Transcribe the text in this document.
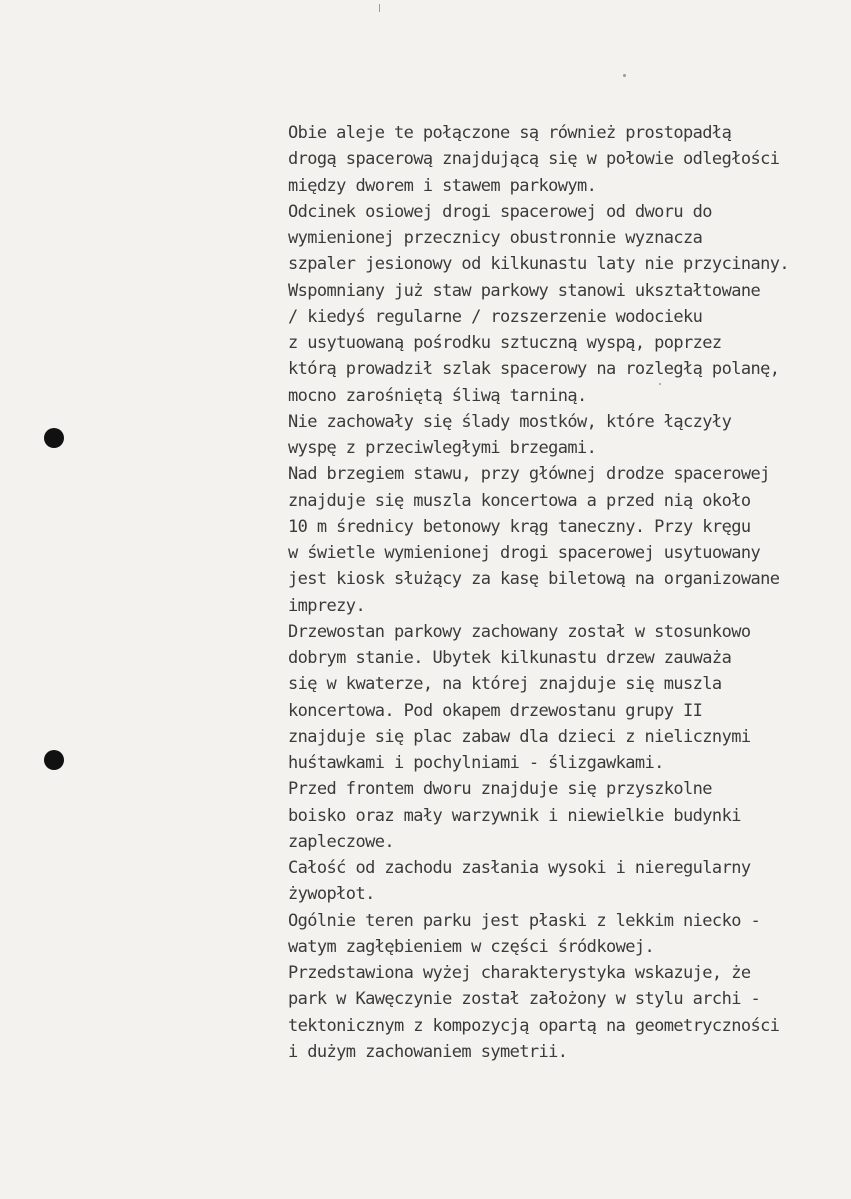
Obie aleje te połączone są również prostopadłą
drogą spacerową znajdującą się w połowie odległości
między dworem i stawem parkowym.
Odcinek osiowej drogi spacerowej od dworu do
wymienionej przecznicy obustronnie wyznacza
szpaler jesionowy od kilkunastu laty nie przycinany.
Wspomniany już staw parkowy stanowi ukształtowane
/ kiedyś regularne / rozszerzenie wodocieku
z usytuowaną pośrodku sztuczną wyspą, poprzez
którą prowadził szlak spacerowy na rozległą polanę,
mocno zarośniętą śliwą tarniną.
Nie zachowały się ślady mostków, które łączyły
wyspę z przeciwległymi brzegami.
Nad brzegiem stawu, przy głównej drodze spacerowej
znajduje się muszla koncertowa a przed nią około
10 m średnicy betonowy krąg taneczny. Przy kręgu
w świetle wymienionej drogi spacerowej usytuowany
jest kiosk służący za kasę biletową na organizowane
imprezy.
Drzewostan parkowy zachowany został w stosunkowo
dobrym stanie. Ubytek kilkunastu drzew zauważa
się w kwaterze, na której znajduje się muszla
koncertowa. Pod okapem drzewostanu grupy II
znajduje się plac zabaw dla dzieci z nielicznymi
huśtawkami i pochylniami - ślizgawkami.
Przed frontem dworu znajduje się przyszkolne
boisko oraz mały warzywnik i niewielkie budynki
zapleczowe.
Całość od zachodu zasłania wysoki i nieregularny
żywopłot.
Ogólnie teren parku jest płaski z lekkim niecko -
watym zagłębieniem w części śródkowej.
Przedstawiona wyżej charakterystyka wskazuje, że
park w Kawęczynie został założony w stylu archi -
tektonicznym z kompozycją opartą na geometryczności
i dużym zachowaniem symetrii.
